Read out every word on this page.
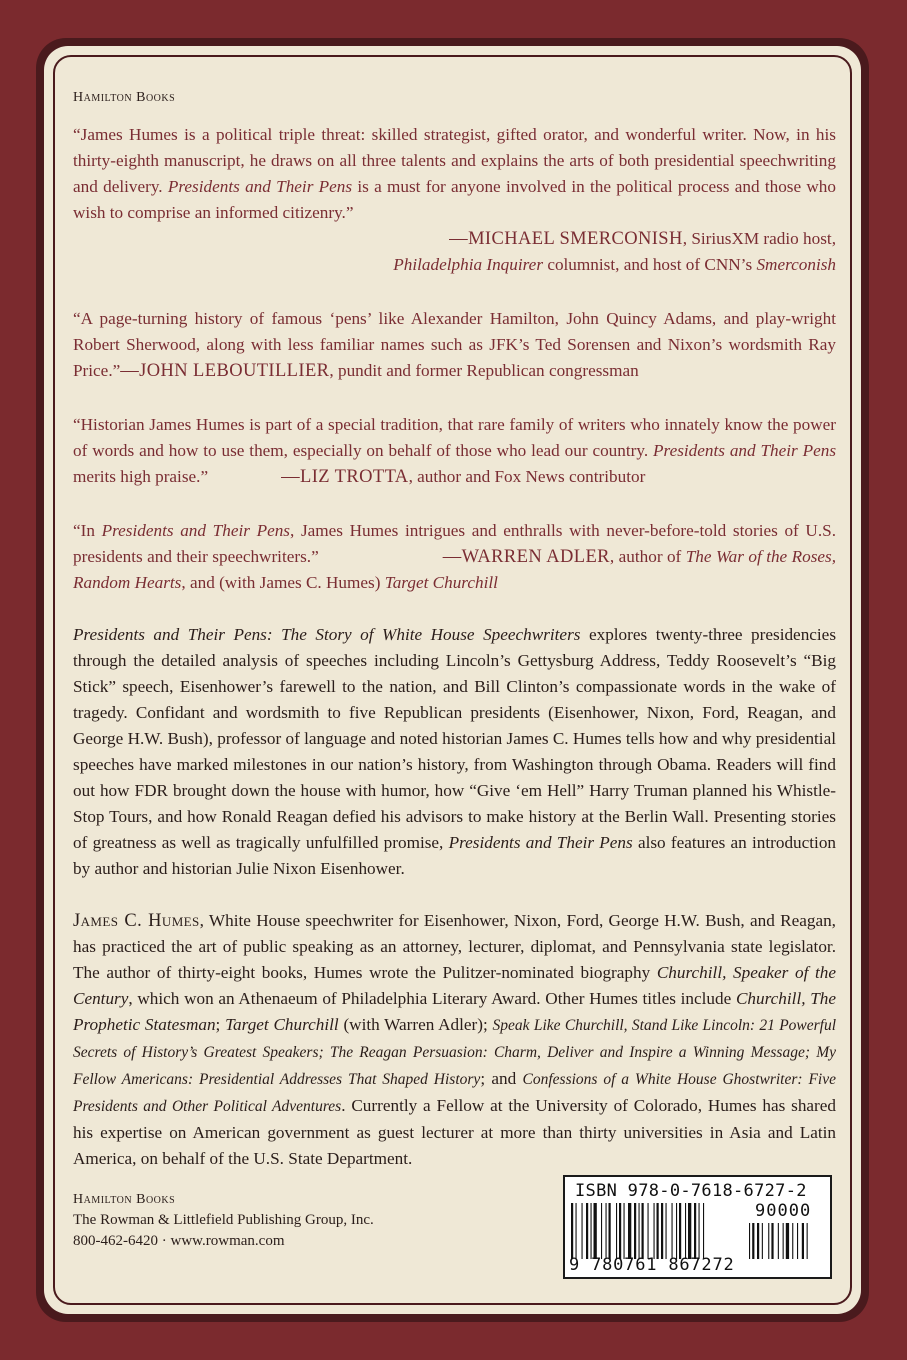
Hamilton Books

“James Humes is a political triple threat: skilled strategist, gifted orator, and wonderful writer. Now, in his thirty-eighth manuscript, he draws on all three talents and explains the arts of both presidential speechwriting and delivery. Presidents and Their Pens is a must for anyone involved in the political process and those who wish to comprise an informed citizenry.”

—MICHAEL SMERCONISH, SiriusXM radio host,
Philadelphia Inquirer columnist, and host of CNN’s Smerconish

“A page-turning history of famous ‘pens’ like Alexander Hamilton, John Quincy Adams, and play-wright Robert Sherwood, along with less familiar names such as JFK’s Ted Sorensen and Nixon’s wordsmith Ray Price.”—JOHN LEBOUTILLIER, pundit and former Republican congressman

“Historian James Humes is part of a special tradition, that rare family of writers who innately know the power of words and how to use them, especially on behalf of those who lead our country. Presidents and Their Pens merits high praise.”	—LIZ TROTTA, author and Fox News contributor

“In Presidents and Their Pens, James Humes intrigues and enthralls with never-before-told stories of U.S. presidents and their speechwriters.”	—WARREN ADLER, author of The War of the Roses, Random Hearts, and (with James C. Humes) Target Churchill

Presidents and Their Pens: The Story of White House Speechwriters explores twenty-three presidencies through the detailed analysis of speeches including Lincoln’s Gettysburg Address, Teddy Roosevelt’s “Big Stick” speech, Eisenhower’s farewell to the nation, and Bill Clinton’s compassionate words in the wake of tragedy. Confidant and wordsmith to five Republican presidents (Eisenhower, Nixon, Ford, Reagan, and George H.W. Bush), professor of language and noted historian James C. Humes tells how and why presidential speeches have marked milestones in our nation’s history, from Washington through Obama. Readers will find out how FDR brought down the house with humor, how “Give ‘em Hell” Harry Truman planned his Whistle-Stop Tours, and how Ronald Reagan defied his advisors to make history at the Berlin Wall. Presenting stories of greatness as well as tragically unfulfilled promise, Presidents and Their Pens also features an introduction by author and historian Julie Nixon Eisenhower.

James C. Humes, White House speechwriter for Eisenhower, Nixon, Ford, George H.W. Bush, and Reagan, has practiced the art of public speaking as an attorney, lecturer, diplomat, and Pennsylvania state legislator. The author of thirty-eight books, Humes wrote the Pulitzer-nominated biography Churchill, Speaker of the Century, which won an Athenaeum of Philadelphia Literary Award. Other Humes titles include Churchill, The Prophetic Statesman; Target Churchill (with Warren Adler); Speak Like Churchill, Stand Like Lincoln: 21 Powerful Secrets of History’s Greatest Speakers; The Reagan Persuasion: Charm, Deliver and Inspire a Winning Message; My Fellow Americans: Presidential Addresses That Shaped History; and Confessions of a White House Ghostwriter: Five Presidents and Other Political Adventures. Currently a Fellow at the University of Colorado, Humes has shared his expertise on American government as guest lecturer at more than thirty universities in Asia and Latin America, on behalf of the U.S. State Department.

Hamilton Books
The Rowman & Littlefield Publishing Group, Inc.
800-462-6420 · www.rowman.com
ISBN 978-0-7618-6727-2
90000
9 780761 867272
